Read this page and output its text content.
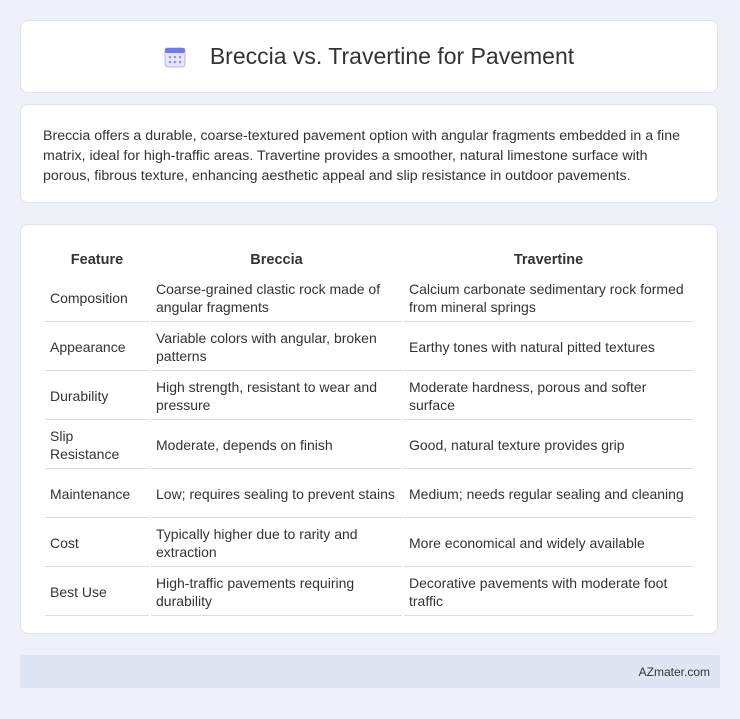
Breccia vs. Travertine for Pavement

Breccia offers a durable, coarse-textured pavement option with angular fragments embedded in a fine matrix, ideal for high-traffic areas. Travertine provides a smoother, natural limestone surface with porous, fibrous texture, enhancing aesthetic appeal and slip resistance in outdoor pavements.

Feature	Breccia	Travertine
Composition	Coarse-grained clastic rock made of angular fragments	Calcium carbonate sedimentary rock formed from mineral springs
Appearance	Variable colors with angular, broken patterns	Earthy tones with natural pitted textures
Durability	High strength, resistant to wear and pressure	Moderate hardness, porous and softer surface
Slip Resistance	Moderate, depends on finish	Good, natural texture provides grip
Maintenance	Low; requires sealing to prevent stains	Medium; needs regular sealing and cleaning
Cost	Typically higher due to rarity and extraction	More economical and widely available
Best Use	High-traffic pavements requiring durability	Decorative pavements with moderate foot traffic
AZmater.com
